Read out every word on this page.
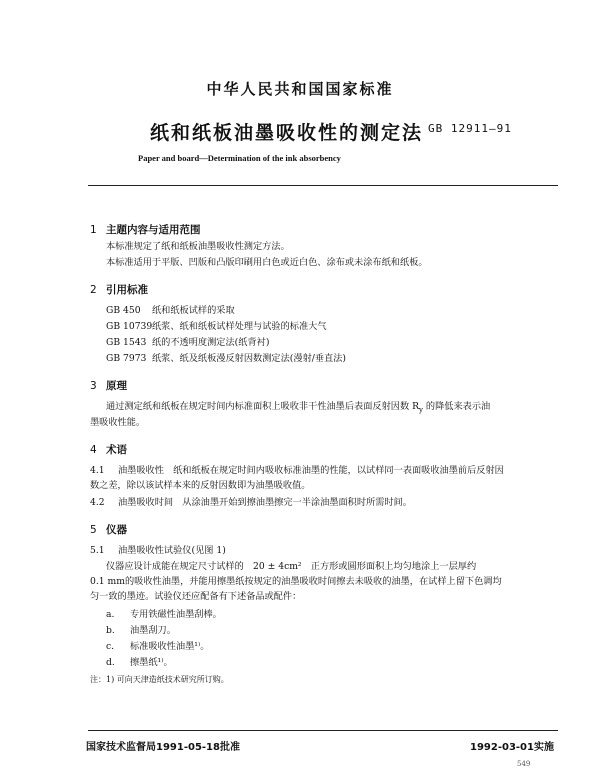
中华人民共和国国家标准
纸和纸板油墨吸收性的测定法 GB 12911—91
Paper and board—Determination of the ink absorbency
1 主题内容与适用范围
本标准规定了纸和纸板油墨吸收性测定方法。
本标准适用于平版、凹版和凸版印刷用白色或近白色、涂布或未涂布纸和纸板。
2 引用标准
GB 450 纸和纸板试样的采取
GB 10739纸浆、纸和纸板试样处理与试验的标准大气
GB 1543 纸的不透明度测定法(纸背衬)
GB 7973 纸浆、纸及纸板漫反射因数测定法(漫射/垂直法)
3 原理
通过测定纸和纸板在规定时间内标准面积上吸收非干性油墨后表面反射因数 $R_y$ 的降低来表示油
墨吸收性能。
4 术语
4.1 油墨吸收性　纸和纸板在规定时间内吸收标准油墨的性能，以试样同一表面吸收油墨前后反射因
数之差，除以该试样本来的反射因数即为油墨吸收值。
4.2 油墨吸收时间　从涂油墨开始到擦油墨擦完一半涂油墨面积时所需时间。
5 仪器
5.1 油墨吸收性试验仪(见图 1)
仪器应设计成能在规定尺寸试样的　20 ± 4cm²　正方形或圆形面积上均匀地涂上一层厚约
0.1 mm的吸收性油墨，并能用擦墨纸按规定的油墨吸收时间擦去未吸收的油墨，在试样上留下色调均
匀一致的墨迹。试验仪还应配备有下述备品或配件：
a. 专用铁磁性油墨刮棒。
b. 油墨刮刀。
c. 标准吸收性油墨¹⁾。
d. 擦墨纸¹⁾。
注：1) 可向天津造纸技术研究所订购。
国家技术监督局1991-05-18批准	1992-03-01实施
549
